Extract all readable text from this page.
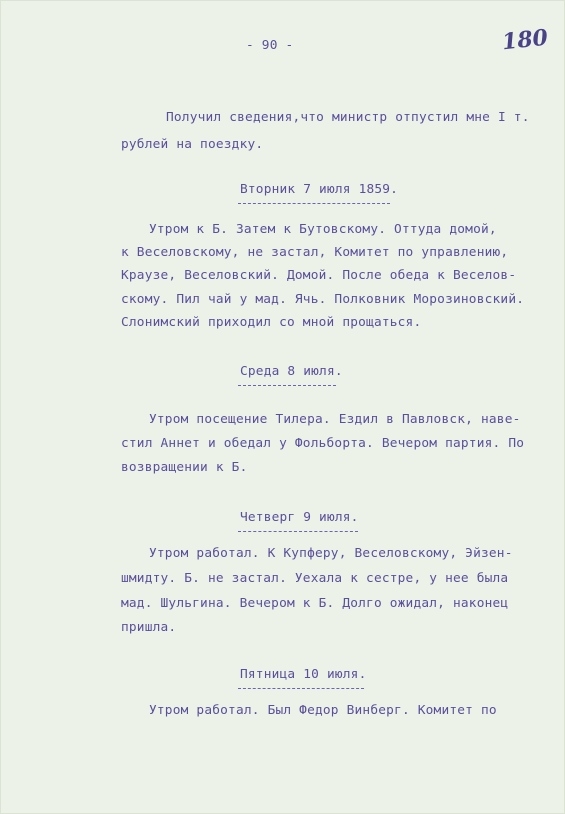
180
- 90 -
Получил сведения,что министр отпустил мне I т.
рублей на поездку.
Вторник 7 июля 1859.
Утром к Б. Затем к Бутовскому. Оттуда домой,
к Веселовскому, не застал, Комитет по управлению,
Краузе, Веселовский. Домой. После обеда к Веселов-
скому. Пил чай у мад. Ячь. Полковник Морозиновский.
Слонимский приходил со мной прощаться.
Среда 8 июля.
Утром посещение Тилера. Ездил в Павловск, наве-
стил Аннет и обедал у Фольборта. Вечером партия. По
возвращении к Б.
Четверг 9 июля.
Утром работал. К Купферу, Веселовскому, Эйзен-
шмидту. Б. не застал. Уехала к сестре, у нее была
мад. Шульгина. Вечером к Б. Долго ожидал, наконец
пришла.
Пятница 10 июля.
Утром работал. Был Федор Винберг. Комитет по
